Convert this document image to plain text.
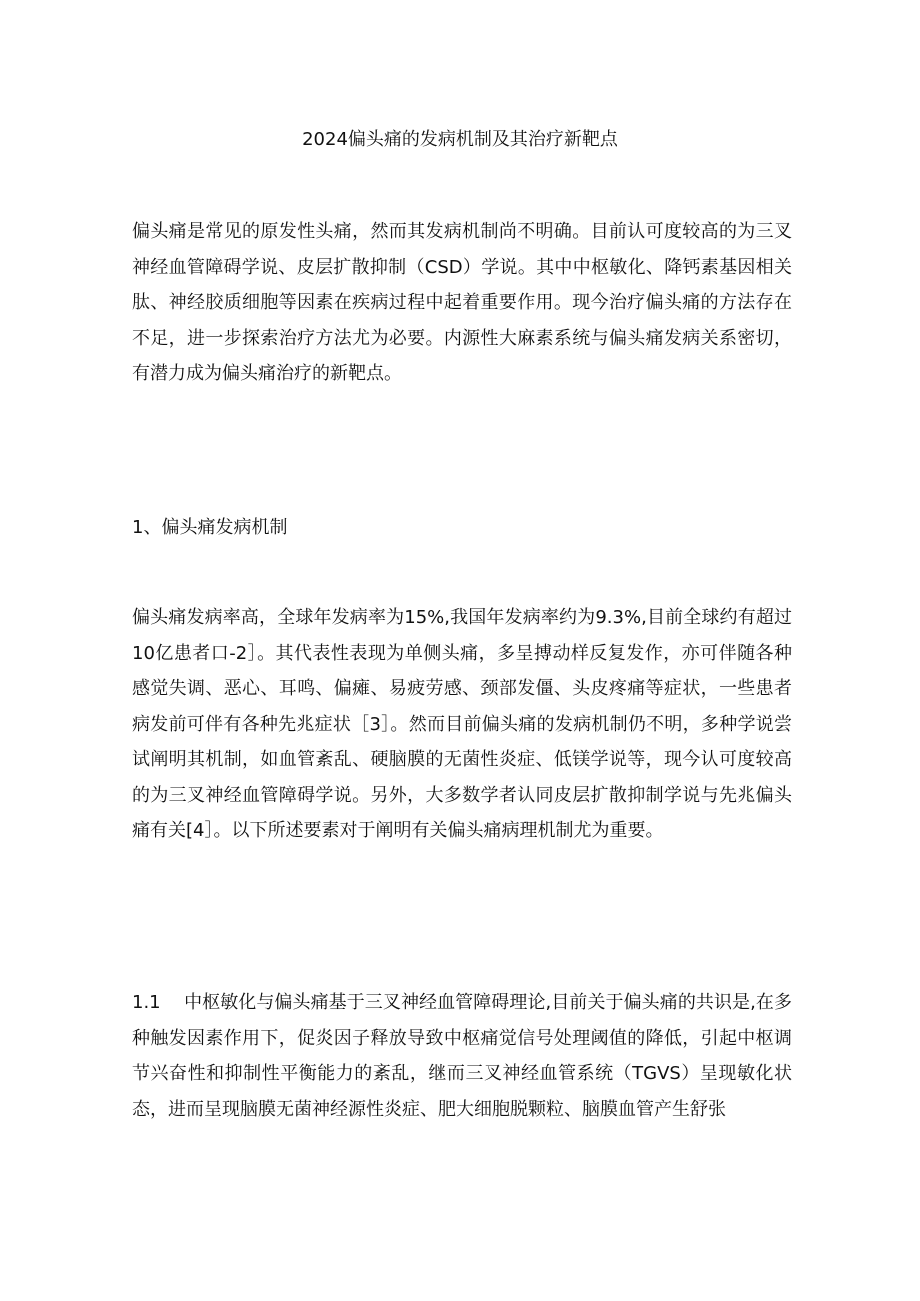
2024偏头痛的发病机制及其治疗新靶点

偏头痛是常见的原发性头痛，然而其发病机制尚不明确。目前认可度较高的为三叉神经血管障碍学说、皮层扩散抑制（CSD）学说。其中中枢敏化、降钙素基因相关肽、神经胶质细胞等因素在疾病过程中起着重要作用。现今治疗偏头痛的方法存在不足，进一步探索治疗方法尤为必要。内源性大麻素系统与偏头痛发病关系密切，有潜力成为偏头痛治疗的新靶点。

1、偏头痛发病机制

偏头痛发病率高，全球年发病率为15%,我国年发病率约为9.3%,目前全球约有超过10亿患者口-2］。其代表性表现为单侧头痛，多呈搏动样反复发作，亦可伴随各种感觉失调、恶心、耳鸣、偏瘫、易疲劳感、颈部发僵、头皮疼痛等症状，一些患者病发前可伴有各种先兆症状［3］。然而目前偏头痛的发病机制仍不明，多种学说尝试阐明其机制，如血管紊乱、硬脑膜的无菌性炎症、低镁学说等，现今认可度较高的为三叉神经血管障碍学说。另外，大多数学者认同皮层扩散抑制学说与先兆偏头痛有关[4］。以下所述要素对于阐明有关偏头痛病理机制尤为重要。

1.1 中枢敏化与偏头痛基于三叉神经血管障碍理论,目前关于偏头痛的共识是,在多种触发因素作用下，促炎因子释放导致中枢痛觉信号处理阈值的降低，引起中枢调节兴奋性和抑制性平衡能力的紊乱，继而三叉神经血管系统（TGVS）呈现敏化状态，进而呈现脑膜无菌神经源性炎症、肥大细胞脱颗粒、脑膜血管产生舒张
